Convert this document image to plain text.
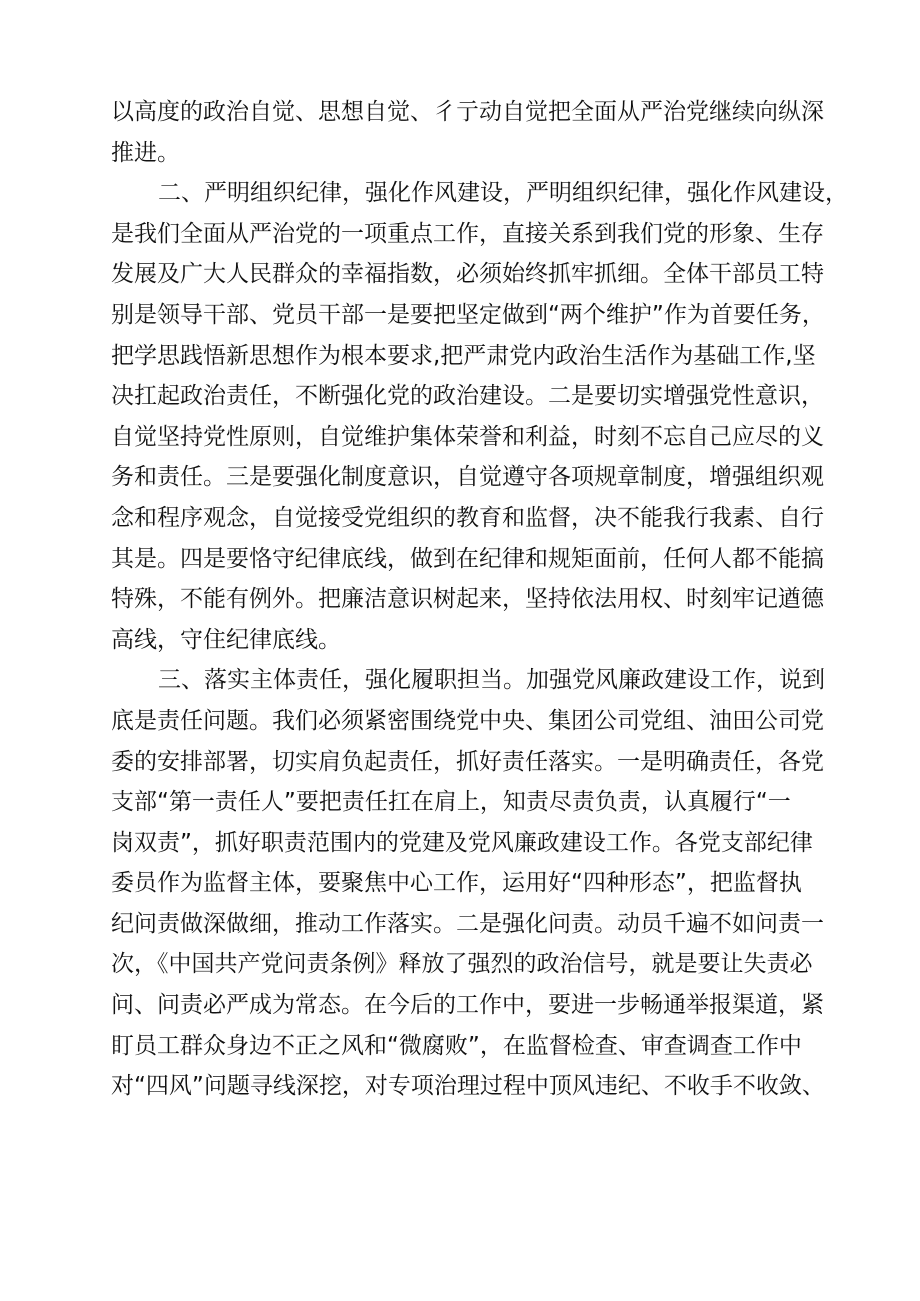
以高度的政治自觉、思想自觉、彳亍动自觉把全面从严治党继续向纵深
推进。
二、严明组织纪律，强化作风建设，严明组织纪律，强化作风建设，
是我们全面从严治党的一项重点工作，直接关系到我们党的形象、生存
发展及广大人民群众的幸福指数，必须始终抓牢抓细。全体干部员工特
别是领导干部、党员干部一是要把坚定做到“两个维护”作为首要任务，
把学思践悟新思想作为根本要求,把严肃党内政治生活作为基础工作,坚
决扛起政治责任，不断强化党的政治建设。二是要切实增强党性意识，
自觉坚持党性原则，自觉维护集体荣誉和利益，时刻不忘自己应尽的义
务和责任。三是要强化制度意识，自觉遵守各项规章制度，增强组织观
念和程序观念，自觉接受党组织的教育和监督，决不能我行我素、自行
其是。四是要恪守纪律底线，做到在纪律和规矩面前，任何人都不能搞
特殊，不能有例外。把廉洁意识树起来，坚持依法用权、时刻牢记遒德
高线，守住纪律底线。
三、落实主体责任，强化履职担当。加强党风廉政建设工作，说到
底是责任问题。我们必须紧密围绕党中央、集团公司党组、油田公司党
委的安排部署，切实肩负起责任，抓好责任落实。一是明确责任，各党
支部“第一责任人”要把责任扛在肩上，知责尽责负责，认真履行“一
岗双责”，抓好职责范围内的党建及党风廉政建设工作。各党支部纪律
委员作为监督主体，要聚焦中心工作，运用好“四种形态”，把监督执
纪问责做深做细，推动工作落实。二是强化问责。动员千遍不如问责一
次，《中国共产党问责条例》释放了强烈的政治信号，就是要让失责必
问、问责必严成为常态。在今后的工作中，要进一步畅通举报渠道，紧
盯员工群众身边不正之风和“微腐败”，在监督检查、审查调查工作中
对“四风”问题寻线深挖，对专项治理过程中顶风违纪、不收手不收敛、
